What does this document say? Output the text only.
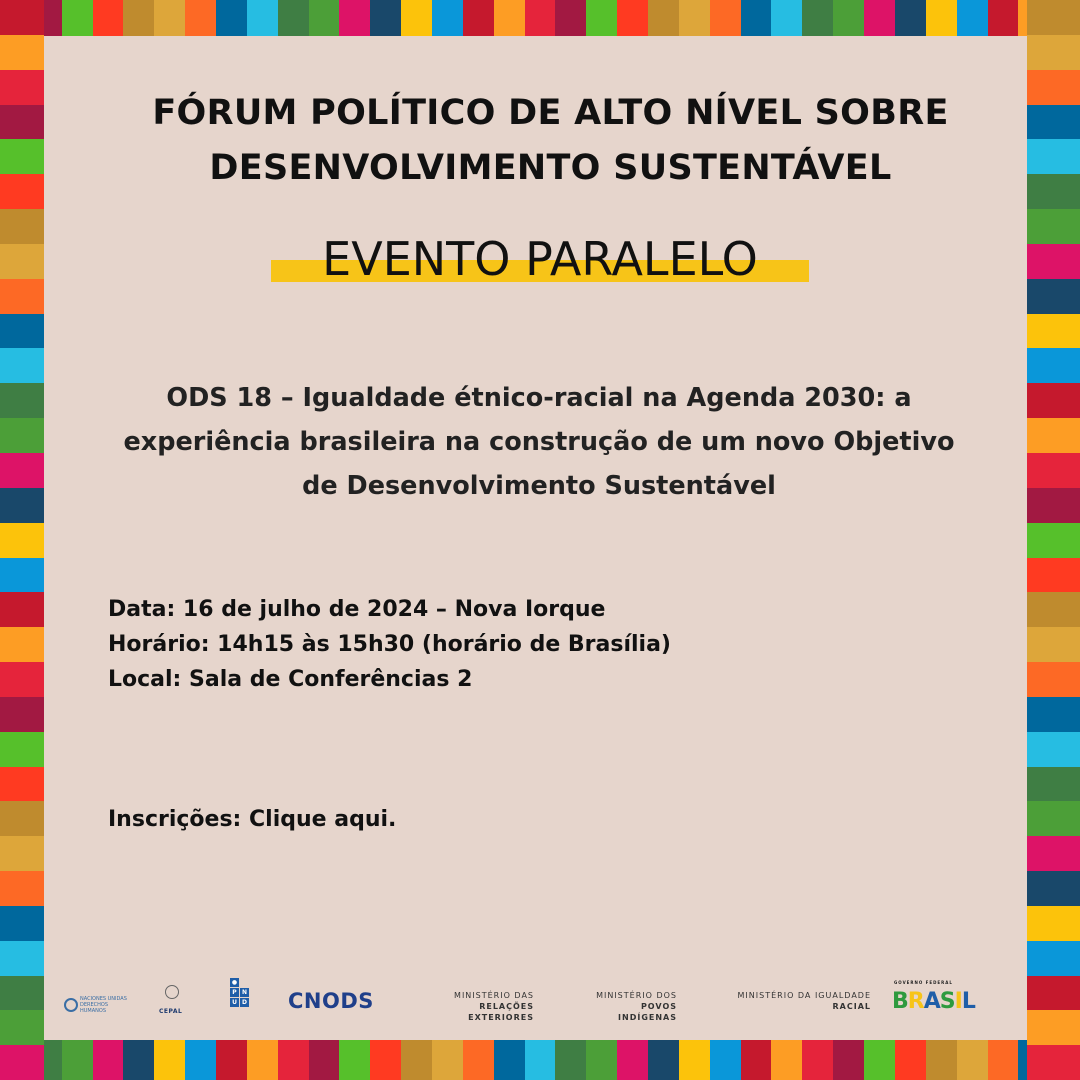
FÓRUM POLÍTICO DE ALTO NÍVEL SOBRE
DESENVOLVIMENTO SUSTENTÁVEL
EVENTO PARALELO
ODS 18 – Igualdade étnico-racial na Agenda 2030: a
experiência brasileira na construção de um novo Objetivo
de Desenvolvimento Sustentável
Data: 16 de julho de 2024 – Nova Iorque
Horário: 14h15 às 15h30 (horário de Brasília)
Local: Sala de Conferências 2
Inscrições: Clique aqui.
NACIONES UNIDAS DERECHOS HUMANOS	CEPAL
●
P N
U D CNODS	MINISTÉRIO DAS
RELAÇÕES EXTERIORES
MINISTÉRIO DOS
POVOS INDÍGENAS
MINISTÉRIO DA IGUALDADE
RACIAL
GOVERNO FEDERAL
BRASIL
